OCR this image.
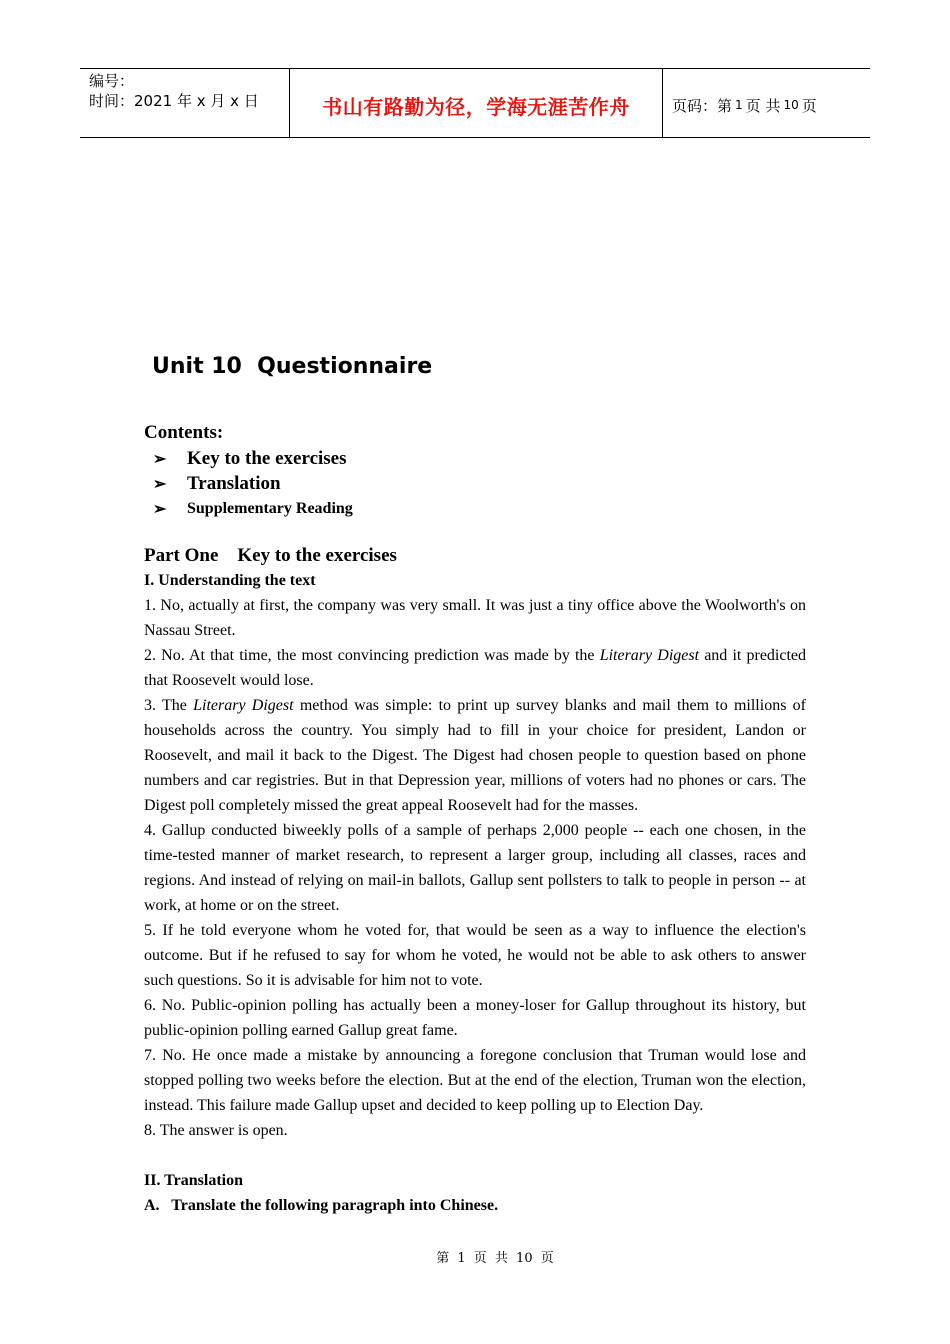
编号：
时间：2021 年 x 月 x 日	书山有路勤为径，学海无涯苦作舟	页码：第 1 页 共 10 页
Unit 10  Questionnaire
Contents:
➢	Key to the exercises
➢	Translation
➢	Supplementary Reading
Part One    Key to the exercises
I. Understanding the text

1. No, actually at first, the company was very small. It was just a tiny office above the Woolworth's on Nassau Street.

2. No. At that time, the most convincing prediction was made by the Literary Digest and it predicted that Roosevelt would lose.

3. The Literary Digest method was simple: to print up survey blanks and mail them to millions of households across the country. You simply had to fill in your choice for president, Landon or Roosevelt, and mail it back to the Digest. The Digest had chosen people to question based on phone numbers and car registries. But in that Depression year, millions of voters had no phones or cars. The Digest poll completely missed the great appeal Roosevelt had for the masses.

4. Gallup conducted biweekly polls of a sample of perhaps 2,000 people -- each one chosen, in the time-tested manner of market research, to represent a larger group, including all classes, races and regions. And instead of relying on mail-in ballots, Gallup sent pollsters to talk to people in person -- at work, at home or on the street.

5. If he told everyone whom he voted for, that would be seen as a way to influence the election's outcome. But if he refused to say for whom he voted, he would not be able to ask others to answer such questions. So it is advisable for him not to vote.

6. No. Public-opinion polling has actually been a money-loser for Gallup throughout its history, but public-opinion polling earned Gallup great fame.

7. No. He once made a mistake by announcing a foregone conclusion that Truman would lose and stopped polling two weeks before the election. But at the end of the election, Truman won the election, instead. This failure made Gallup upset and decided to keep polling up to Election Day.

8. The answer is open.

II. Translation
A.   Translate the following paragraph into Chinese.
第 1 页 共 10 页
